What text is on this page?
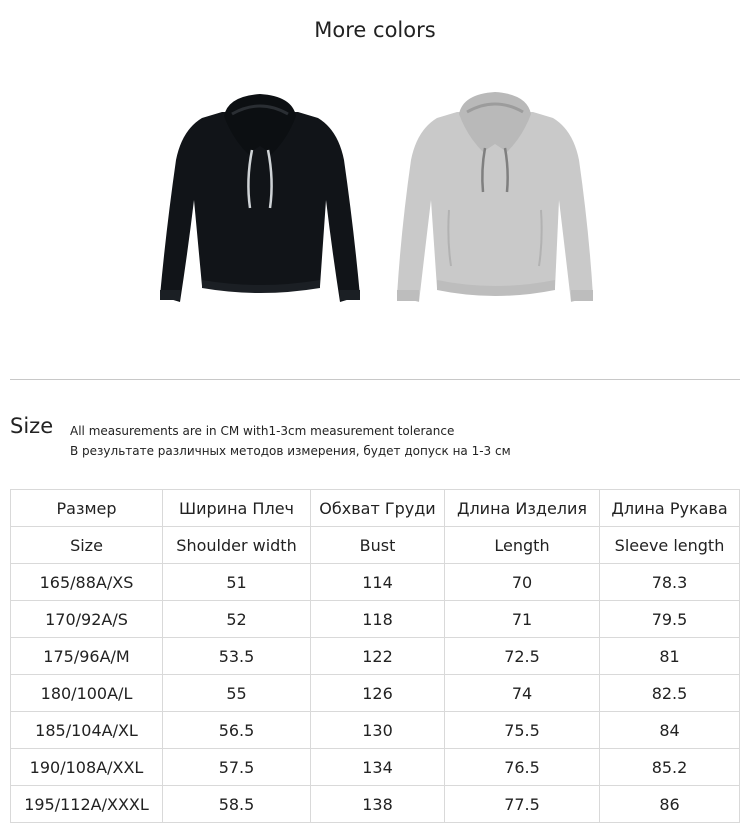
More colors
Size All measurements are in CM with1-3cm measurement tolerance
В результате различных методов измерения, будет допуск на 1-3 см
Размер	Ширина Плеч	Обхват Груди	Длина Изделия	Длина Рукава
Size	Shoulder width	Bust	Length	Sleeve length
165/88A/XS	51	114	70	78.3
170/92A/S	52	118	71	79.5
175/96A/M	53.5	122	72.5	81
180/100A/L	55	126	74	82.5
185/104A/XL	56.5	130	75.5	84
190/108A/XXL	57.5	134	76.5	85.2
195/112A/XXXL	58.5	138	77.5	86
